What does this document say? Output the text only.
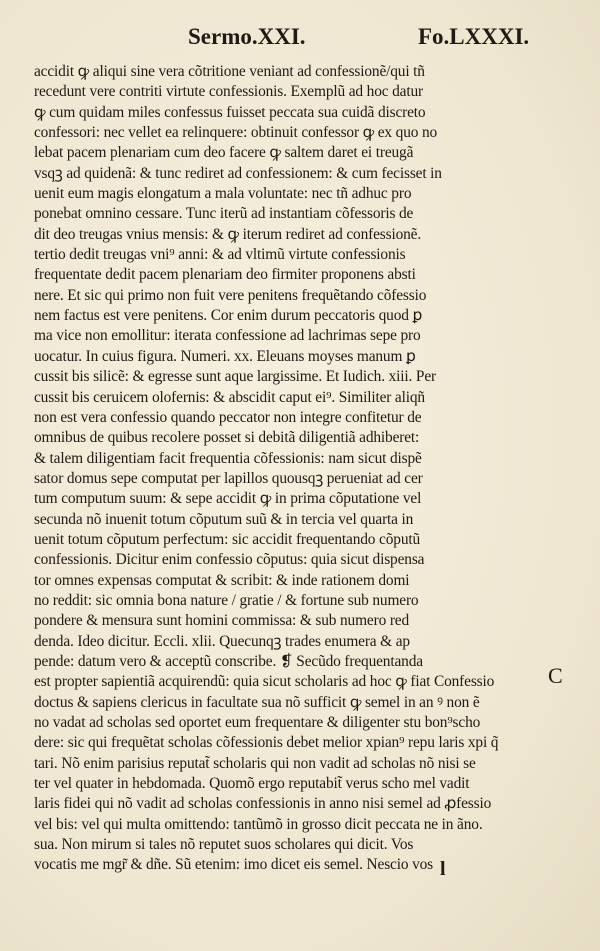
Sermo.XXI.	Fo.LXXXI.
accidit ꝙ aliqui sine vera cõtritione veniant ad confessionẽ/qui tñ
recedunt vere contriti virtute confessionis. Exemplũ ad hoc datur
ꝙ cum quidam miles confessus fuisset peccata sua cuidã discreto
confessori: nec vellet ea relinquere: obtinuit confessor ꝙ ex quo no
lebat pacem plenariam cum deo facere ꝙ saltem daret ei treugã
vsqꝫ ad quidenã: & tunc rediret ad confessionem: & cum fecisset in
uenit eum magis elongatum a mala voluntate: nec tñ adhuc pro
ponebat omnino cessare. Tunc iterũ ad instantiam cõfessoris de
dit deo treugas vnius mensis: & ꝙ iterum rediret ad confessionẽ.
tertio dedit treugas vni⁹ anni: & ad vltimũ virtute confessionis
frequentate dedit pacem plenariam deo firmiter proponens absti
nere. Et sic qui primo non fuit vere penitens frequẽtando cõfessio
nem factus est vere penitens. Cor enim durum peccatoris quod ꝑ
ma vice non emollitur: iterata confessione ad lachrimas sepe pro
uocatur. In cuius figura. Numeri. xx. Eleuans moyses manum ꝑ
cussit bis silicẽ: & egresse sunt aque largissime. Et Iudich. xiii. Per
cussit bis ceruicem olofernis: & abscidit caput ei⁹. Similiter aliqñ
non est vera confessio quando peccator non integre confitetur de
omnibus de quibus recolere posset si debitã diligentiã adhiberet:
& talem diligentiam facit frequentia cõfessionis: nam sicut dispẽ
sator domus sepe computat per lapillos quousqꝫ perueniat ad cer
tum computum suum: & sepe accidit ꝙ in prima cõputatione vel
secunda nõ inuenit totum cõputum suũ & in tercia vel quarta in
uenit totum cõputum perfectum: sic accidit frequentando cõputũ
confessionis. Dicitur enim confessio cõputus: quia sicut dispensa
tor omnes expensas computat & scribit: & inde rationem domi
no reddit: sic omnia bona nature / gratie / & fortune sub numero
pondere & mensura sunt homini commissa: & sub numero red
denda. Ideo dicitur. Eccli. xlii. Quecunqꝫ trades enumera & ap
pende: datum vero & acceptũ conscribe. ❡ Secũdo frequentanda
est propter sapientiã acquirendũ: quia sicut scholaris ad hoc ꝙ fiat Confessio
doctus & sapiens clericus in facultate sua nõ sufficit ꝙ semel in an ꝰ non ẽ
no vadat ad scholas sed oportet eum frequentare & diligenter stu bon⁹scho
dere: sic qui frequẽtat scholas cõfessionis debet melior xpian⁹ repu laris xpi q̃
tari. Nõ enim parisius reputat̃ scholaris qui non vadit ad scholas nõ nisi se
ter vel quater in hebdomada. Quomõ ergo reputabit̃ verus scho mel vadit
laris fidei qui nõ vadit ad scholas confessionis in anno nisi semel ad ꝓfessio
vel bis: vel qui multa omittendo: tantũmõ in grosso dicit peccata ne in ãno.
sua. Non mirum si tales nõ reputet suos scholares qui dicit. Vos
vocatis me mgr̃ & dñe. Sũ etenim: imo dicet eis semel. Nescio vos
C
l
